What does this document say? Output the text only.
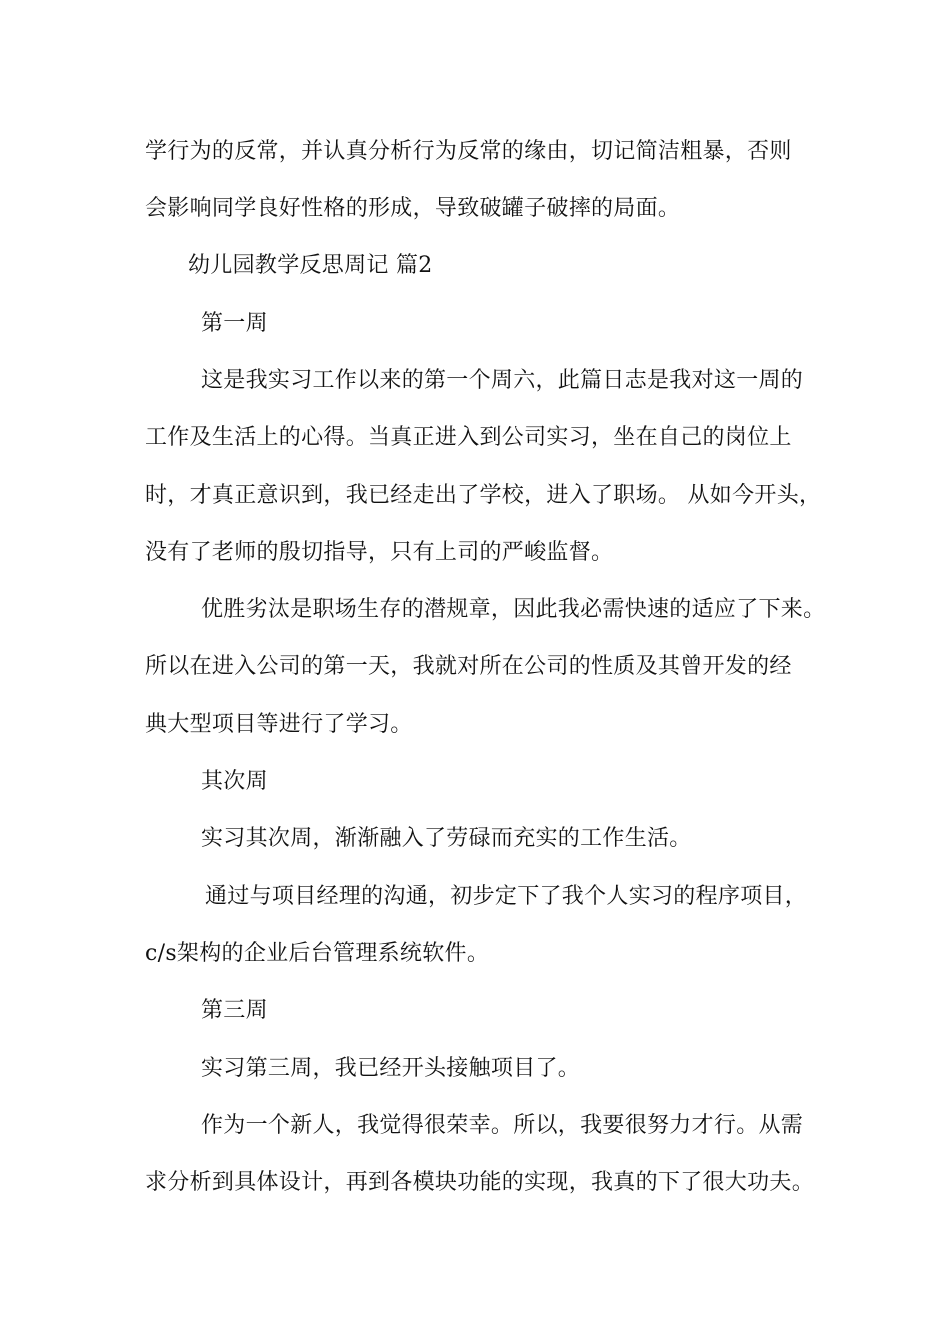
学行为的反常，并认真分析行为反常的缘由，切记简洁粗暴，否则
会影响同学良好性格的形成，导致破罐子破摔的局面。
幼儿园教学反思周记 篇2
第一周
这是我实习工作以来的第一个周六，此篇日志是我对这一周的
工作及生活上的心得。当真正进入到公司实习，坐在自己的岗位上
时，才真正意识到，我已经走出了学校，进入了职场。 从如今开头，
没有了老师的殷切指导，只有上司的严峻监督。
优胜劣汰是职场生存的潜规章，因此我必需快速的适应了下来。
所以在进入公司的第一天，我就对所在公司的性质及其曾开发的经
典大型项目等进行了学习。
其次周
实习其次周，渐渐融入了劳碌而充实的工作生活。
通过与项目经理的沟通，初步定下了我个人实习的程序项目，
c/s架构的企业后台管理系统软件。
第三周
实习第三周，我已经开头接触项目了。
作为一个新人，我觉得很荣幸。所以，我要很努力才行。从需
求分析到具体设计，再到各模块功能的实现，我真的下了很大功夫。
